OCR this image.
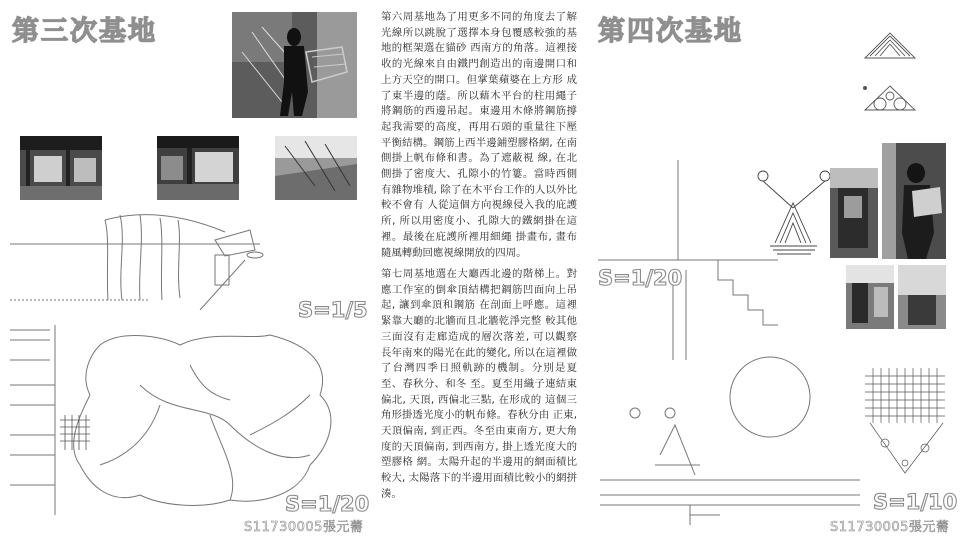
第三次基地
S=1/5
S=1/20
S11730005張元薷
第六周基地為了用更多不同的角度去了解光線所以跳脫了選擇本身包覆感較強的基地的框架選在貓砂 西南方的角落。這裡接收的光線來自由鐵門創造出的南邊開口和上方天空的開口。但掌葉蘋婆在上方形 成了東半邊的蔭。所以藉木平台的柱用繩子將鋼筋的西邊吊起。東邊用木條將鋼筋撐起我需要的高度，再用石頭的重量往下壓平衡結構。鋼筋上西半邊鋪塑膠格網, 在南側掛上帆布條和書。為了遮蔽視 線, 在北側掛了密度大、孔隙小的竹簍。當時西側有雜物堆積, 除了在木平台工作的人以外比較不會有 人從這個方向視線侵入我的庇護所, 所以用密度小、孔隙大的鐵網掛在這裡。最後在庇護所裡用細繩 掛畫布, 畫布隨風轉動回應視線開放的四周。
第七周基地選在大廳西北邊的階梯上。對應工作室的倒傘頂結構把鋼筋凹面向上吊起, 讓到傘頂和鋼筋 在剖面上呼應。這裡緊靠大廳的北牆而且北牆乾淨完整 較其他三面沒有走廊造成的層次落差, 可以觀察 長年南來的陽光在此的變化, 所以在這裡做了台灣四季日照軌跡的機制。分別是夏至、春秋分、和冬 至。夏至用織子連結東偏北, 天頂, 西偏北三點, 在形成的 這個三角形掛透光度小的帆布條。春秋分由 正東, 天頂偏南, 到正西。冬至由東南方, 更大角度的天頂偏南, 到西南方, 掛上透光度大的塑膠格 網。太陽升起的半邊用的網面積比較大, 太陽落下的半邊用面積比較小的網拼湊。
第四次基地
S=1/20
S=1/10
S11730005張元薷
